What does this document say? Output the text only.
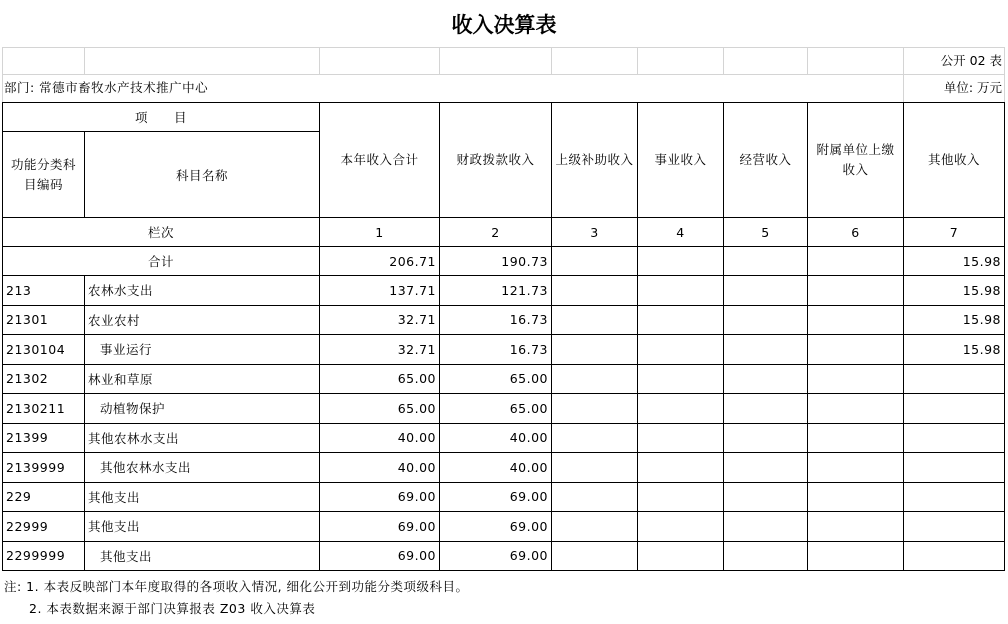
收入决算表
公开 02 表
部门: 常德市畜牧水产技术推广中心	单位: 万元
项　　目		本年收入合计	财政拨款收入	上级补助收入	事业收入	经营收入	附属单位上缴收入	其他收入
功能分类科目编码	科目名称							
栏次		1	2	3	4	5	6	7
合计		206.71	190.73					15.98
213	农林水支出	137.71	121.73					15.98
21301	农业农村	32.71	16.73					15.98
2130104	事业运行	32.71	16.73					15.98
21302	林业和草原	65.00	65.00					
2130211	动植物保护	65.00	65.00					
21399	其他农林水支出	40.00	40.00					
2139999	其他农林水支出	40.00	40.00					
229	其他支出	69.00	69.00					
22999	其他支出	69.00	69.00					
2299999	其他支出	69.00	69.00					
注: 1. 本表反映部门本年度取得的各项收入情况, 细化公开到功能分类项级科目。
2. 本表数据来源于部门决算报表 Z03 收入决算表
